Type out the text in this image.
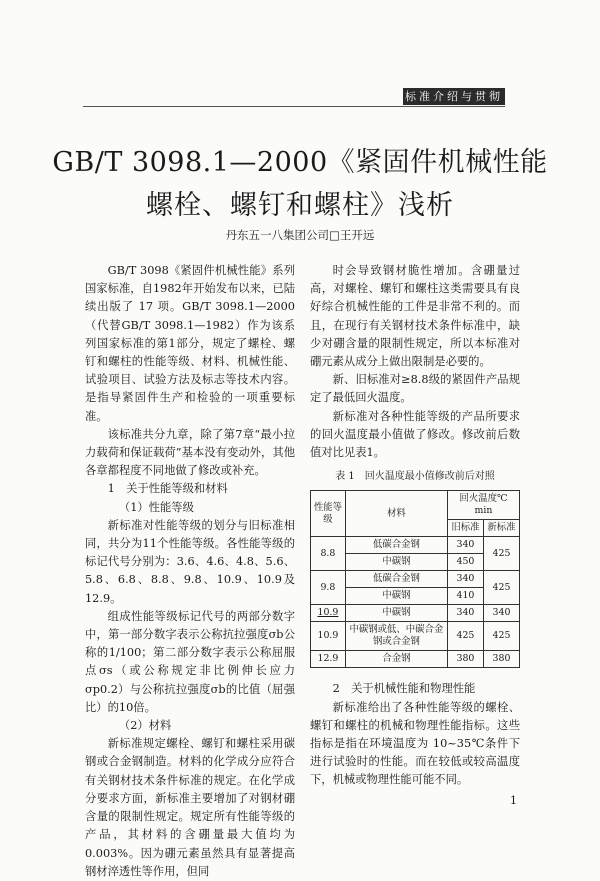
标准介绍与贯彻
GB/T 3098.1—2000《紧固件机械性能
螺栓、螺钉和螺柱》浅析
丹东五一八集团公司□王开远

GB/T 3098《紧固件机械性能》系列国家标准，自1982年开始发布以来，已陆续出版了 17 项。GB/T 3098.1—2000（代替GB/T 3098.1—1982）作为该系列国家标准的第1部分，规定了螺栓、螺钉和螺柱的性能等级、材料、机械性能、试验项目、试验方法及标志等技术内容。是指导紧固件生产和检验的一项重要标准。

该标准共分九章，除了第7章“最小拉力载荷和保证载荷”基本没有变动外，其他各章都程度不同地做了修改或补充。

1　关于性能等级和材料
（1）性能等级

新标准对性能等级的划分与旧标准相同，共分为11个性能等级。各性能等级的标记代号分别为：3.6、4.6、4.8、5.6、5.8、6.8、8.8、9.8、10.9、10.9及12.9。

组成性能等级标记代号的两部分数字中，第一部分数字表示公称抗拉强度σb公称的1/100；第二部分数字表示公称屈服点σs（或公称规定非比例伸长应力σp0.2）与公称抗拉强度σb的比值（屈强比）的10倍。

（2）材料

新标准规定螺栓、螺钉和螺柱采用碳钢或合金钢制造。材料的化学成分应符合有关钢材技术条件标准的规定。在化学成分要求方面，新标准主要增加了对钢材硼含量的限制性规定。规定所有性能等级的产品，其材料的含硼量最大值均为 0.003%。因为硼元素虽然具有显著提高钢材淬透性等作用，但同

时会导致钢材脆性增加。含硼量过高，对螺栓、螺钉和螺柱这类需要具有良好综合机械性能的工件是非常不利的。而且，在现行有关钢材技术条件标准中，缺少对硼含量的限制性规定，所以本标准对硼元素从成分上做出限制是必要的。

新、旧标准对≥8.8级的紧固件产品规定了最低回火温度。

新标准对各种性能等级的产品所要求的回火温度最小值做了修改。修改前后数值对比见表1。

表 1　回火温度最小值修改前后对照
性能等级	材料	回火温度℃　　min	
		旧标准	新标准
8.8	低碳合金钢	340	425
	中碳钢	450	
9.8	低碳合金钢	340	425
	中碳钢	410	
10.9	中碳钢	340	340
10.9	中碳钢或低、中碳合金钢或合金钢	425	425
12.9	合金钢	380	380
2　关于机械性能和物理性能

新标准给出了各种性能等级的螺栓、螺钉和螺柱的机械和物理性能指标。这些指标是指在环境温度为 10~35℃条件下进行试验时的性能。而在较低或较高温度下，机械或物理性能可能不同。

1
